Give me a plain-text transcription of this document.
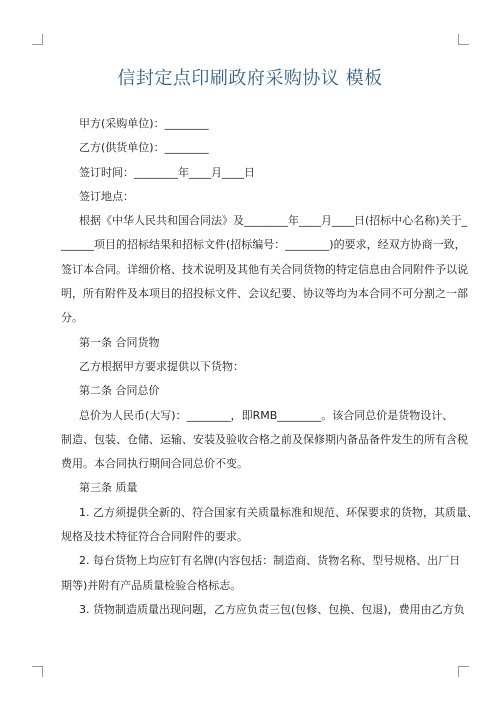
信封定点印刷政府采购协议 模板
甲方(采购单位)：________
乙方(供货单位)：________
签订时间：________年____月____日
签订地点：
根据《中华人民共和国合同法》及________年____月____日(招标中心名称)关于_
______项目的招标结果和招标文件(招标编号：________)的要求，经双方协商一致，
签订本合同。详细价格、技术说明及其他有关合同货物的特定信息由合同附件予以说
明，所有附件及本项目的招投标文件、会议纪要、协议等均为本合同不可分割之一部
分。
第一条 合同货物
乙方根据甲方要求提供以下货物：
第二条 合同总价
总价为人民币(大写)：________，即RMB________。该合同总价是货物设计、
制造、包装、仓储、运输、安装及验收合格之前及保修期内备品备件发生的所有含税
费用。本合同执行期间合同总价不变。
第三条 质量
1. 乙方须提供全新的、符合国家有关质量标准和规范、环保要求的货物，其质量、
规格及技术特征符合合同附件的要求。
2. 每台货物上均应钉有名牌(内容包括：制造商、货物名称、型号规格、出厂日
期等)并附有产品质量检验合格标志。
3. 货物制造质量出现问题，乙方应负责三包(包修、包换、包退)，费用由乙方负
